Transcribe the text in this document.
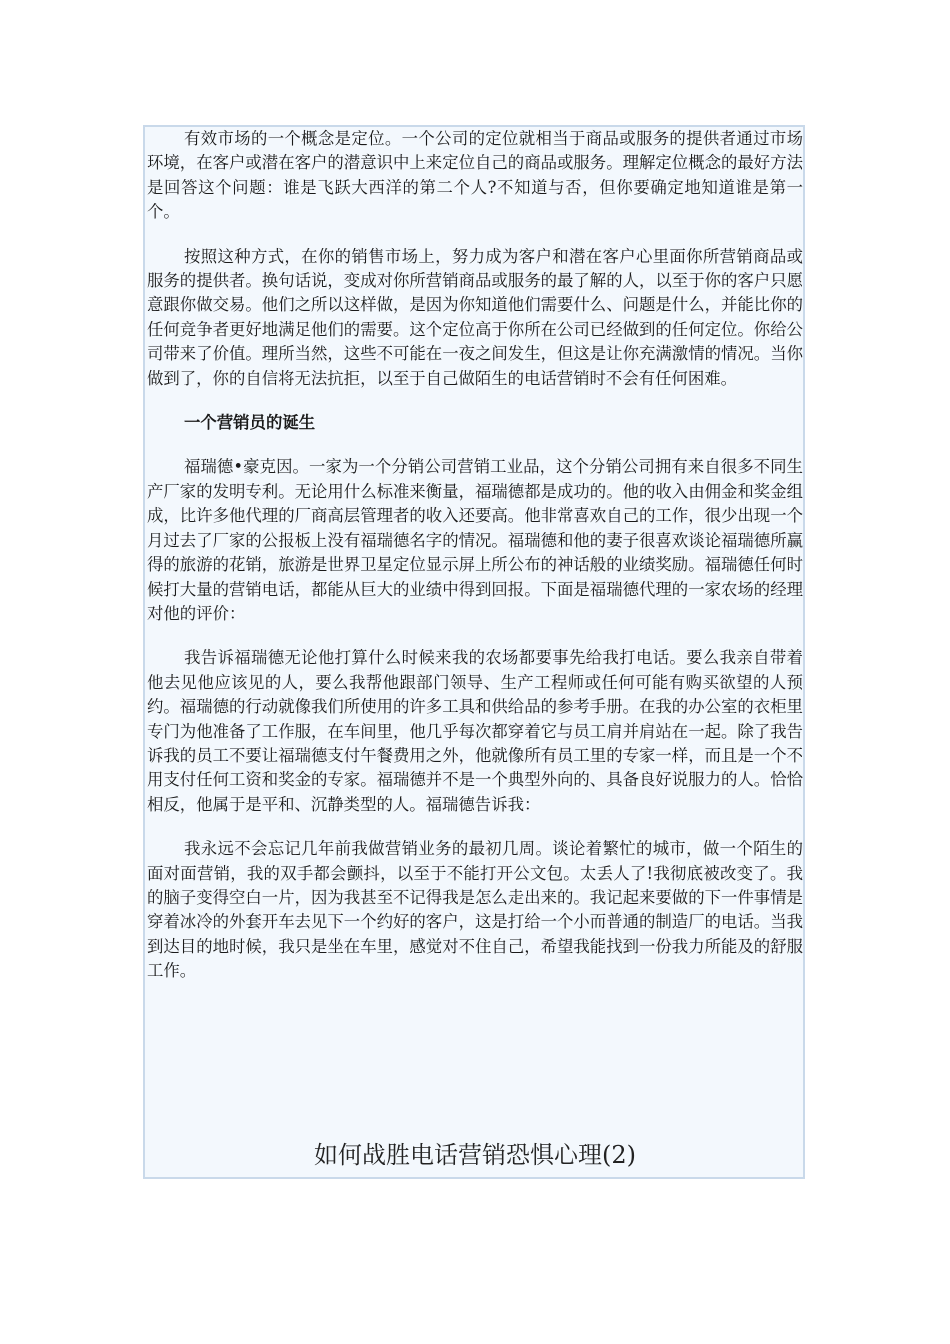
有效市场的一个概念是定位。一个公司的定位就相当于商品或服务的提供者通过市场环境，在客户或潜在客户的潜意识中上来定位自己的商品或服务。理解定位概念的最好方法是回答这个问题：谁是飞跃大西洋的第二个人?不知道与否，但你要确定地知道谁是第一个。

按照这种方式，在你的销售市场上，努力成为客户和潜在客户心里面你所营销商品或服务的提供者。换句话说，变成对你所营销商品或服务的最了解的人，以至于你的客户只愿意跟你做交易。他们之所以这样做，是因为你知道他们需要什么、问题是什么，并能比你的任何竞争者更好地满足他们的需要。这个定位高于你所在公司已经做到的任何定位。你给公司带来了价值。理所当然，这些不可能在一夜之间发生，但这是让你充满激情的情况。当你做到了，你的自信将无法抗拒，以至于自己做陌生的电话营销时不会有任何困难。

一个营销员的诞生

福瑞德•豪克因。一家为一个分销公司营销工业品，这个分销公司拥有来自很多不同生产厂家的发明专利。无论用什么标准来衡量，福瑞德都是成功的。他的收入由佣金和奖金组成，比许多他代理的厂商高层管理者的收入还要高。他非常喜欢自己的工作，很少出现一个月过去了厂家的公报板上没有福瑞德名字的情况。福瑞德和他的妻子很喜欢谈论福瑞德所赢得的旅游的花销，旅游是世界卫星定位显示屏上所公布的神话般的业绩奖励。福瑞德任何时候打大量的营销电话，都能从巨大的业绩中得到回报。下面是福瑞德代理的一家农场的经理对他的评价：

我告诉福瑞德无论他打算什么时候来我的农场都要事先给我打电话。要么我亲自带着他去见他应该见的人，要么我帮他跟部门领导、生产工程师或任何可能有购买欲望的人预约。福瑞德的行动就像我们所使用的许多工具和供给品的参考手册。在我的办公室的衣柜里专门为他准备了工作服，在车间里，他几乎每次都穿着它与员工肩并肩站在一起。除了我告诉我的员工不要让福瑞德支付午餐费用之外，他就像所有员工里的专家一样，而且是一个不用支付任何工资和奖金的专家。福瑞德并不是一个典型外向的、具备良好说服力的人。恰恰相反，他属于是平和、沉静类型的人。福瑞德告诉我：

我永远不会忘记几年前我做营销业务的最初几周。谈论着繁忙的城市，做一个陌生的面对面营销，我的双手都会颤抖，以至于不能打开公文包。太丢人了!我彻底被改变了。我的脑子变得空白一片，因为我甚至不记得我是怎么走出来的。我记起来要做的下一件事情是穿着冰冷的外套开车去见下一个约好的客户，这是打给一个小而普通的制造厂的电话。当我到达目的地时候，我只是坐在车里，感觉对不住自己，希望我能找到一份我力所能及的舒服工作。

如何战胜电话营销恐惧心理(2)
